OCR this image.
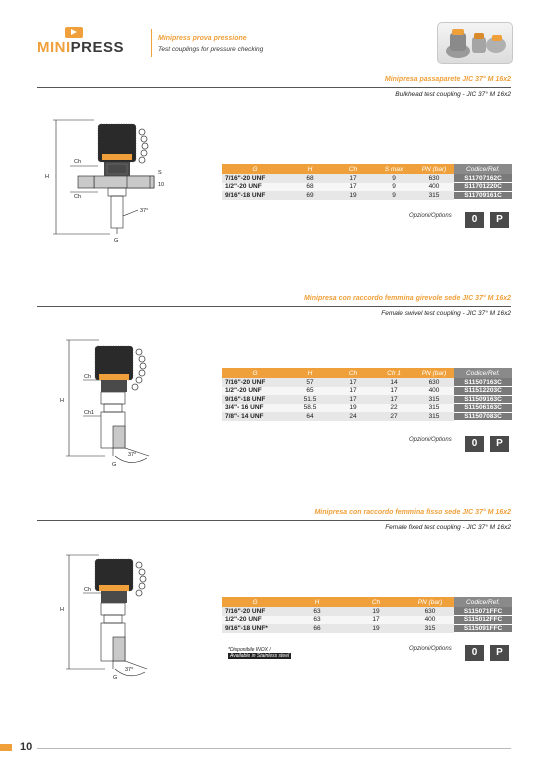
MINIPRESS
Minipress prova pressione
Test couplings for pressure checking
Minipresa passaparete JIC 37° M 16x2
Bulkhead test coupling - JIC 37° M 16x2
Ch
H
Ch
S
10
G
37°
G	H	Ch	S max	PN (bar)	Codice/Ref.
7/16"-20 UNF	68	17	9	630	S11707162C
1/2"-20 UNF	68	17	9	400	S11701220C
9/16"-18 UNF	69	19	9	315	S11709161C
Opzioni/Options	0	P
Minipresa con raccordo femmina girevole sede JIC 37° M 16x2
Female swivel test coupling - JIC 37° M 16x2
Ch
H
Ch1
G
37°
G	H	Ch	Ch 1	PN (bar)	Codice/Ref.
7/16"-20 UNF	57	17	14	630	S11507163C
1/2"-20 UNF	65	17	17	400	S11512203C
9/16"-18 UNF	51.5	17	17	315	S11509163C
3/4"- 16 UNF	58.5	19	22	315	S11506163C
7/8"- 14 UNF	64	24	27	315	S11507083C
Opzioni/Options	0	P
Minipresa con raccordo femmina fisso sede JIC 37° M 16x2
Female fixed test coupling - JIC 37° M 16x2
Ch
H
G
37°
G	H	Ch	PN (bar)	Codice/Ref.
7/16"-20 UNF	63	19	630	S115071FFC
1/2"-20 UNF	63	17	400	S115012FFC
9/16"-18 UNF*	66	19	315	S115091FFC
*Disponibile INOX /
Available in Stainless steel
Opzioni/Options	0	P
10
